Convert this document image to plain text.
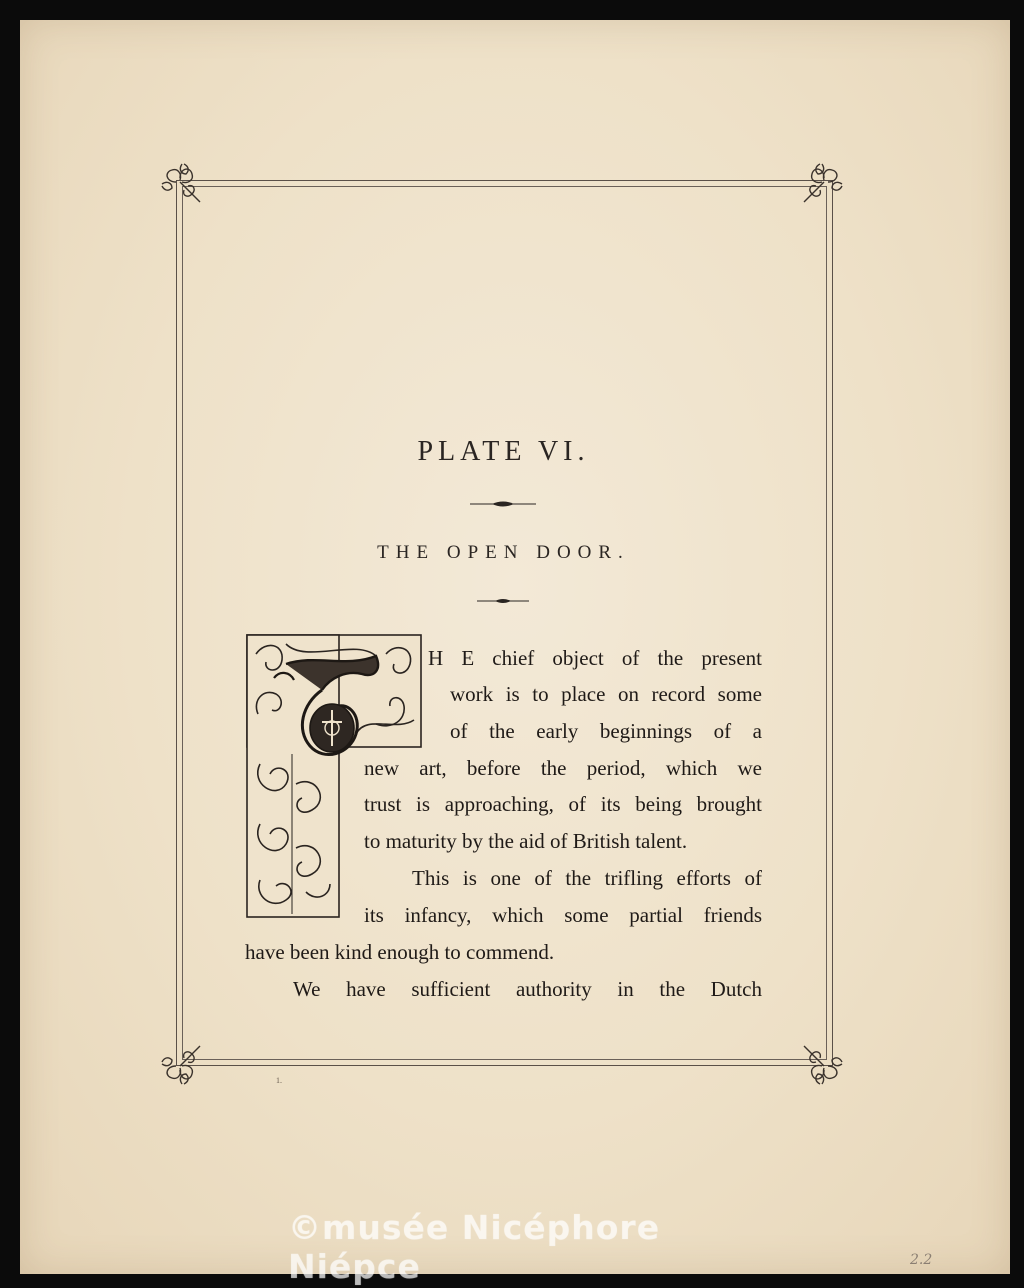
PLATE VI.
THE OPEN DOOR.
H E chief object of the present
work is to place on record some
of the early beginnings of a
new art, before the period, which we
trust is approaching, of its being brought
to maturity by the aid of British talent.
This is one of the trifling efforts of
its infancy, which some partial friends
have been kind enough to commend.
We have sufficient authority in the Dutch
1.
©musée Nicéphore Niépce	2.2
